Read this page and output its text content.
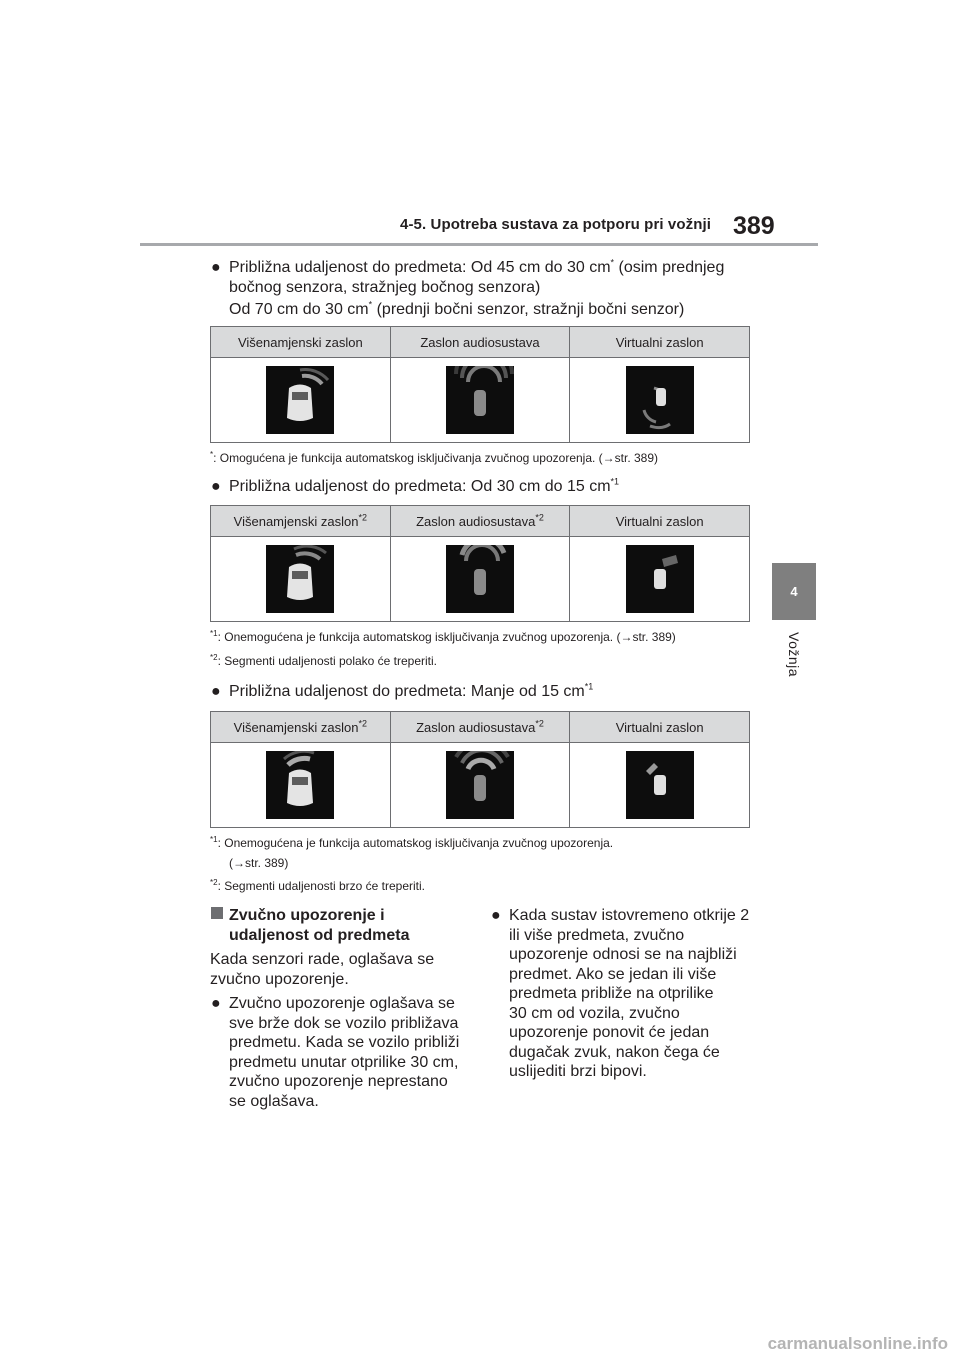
4-5. Upotreba sustava za potporu pri vožnji 389
4
Vožnja
● Približna udaljenost do predmeta: Od 45 cm do 30 cm* (osim prednjeg bočnog senzora, stražnjeg bočnog senzora)
Od 70 cm do 30 cm* (prednji bočni senzor, stražnji bočni senzor)
Višenamjenski zaslon	Zaslon audiosustava	Virtualni zaslon

*: Omogućena je funkcija automatskog isključivanja zvučnog upozorenja. (→str. 389)
● Približna udaljenost do predmeta: Od 30 cm do 15 $cm^{*1}$
Višenamjenski zaslon$^{*2}$	Zaslon audiosustava$^{*2}$	Virtualni zaslon

$^{*1}$: Onemogućena je funkcija automatskog isključivanja zvučnog upozorenja. (→str. 389)
$^{*2}$: Segmenti udaljenosti polako će treperiti.
● Približna udaljenost do predmeta: Manje od 15 $cm^{*1}$
Višenamjenski zaslon$^{*2}$	Zaslon audiosustava$^{*2}$	Virtualni zaslon

$^{*1}$: Onemogućena je funkcija automatskog isključivanja zvučnog upozorenja.
(→str. 389)
$^{*2}$: Segmenti udaljenosti brzo će treperiti.
Zvučno upozorenje i
udaljenost od predmeta
Kada senzori rade, oglašava se
zvučno upozorenje.
● Zvučno upozorenje oglašava se
sve brže dok se vozilo približava
predmetu. Kada se vozilo približi
predmetu unutar otprilike 30 cm,
zvučno upozorenje neprestano
se oglašava.
● Kada sustav istovremeno otkrije 2
ili više predmeta, zvučno
upozorenje odnosi se na najbliži
predmet. Ako se jedan ili više
predmeta približe na otprilike
30 cm od vozila, zvučno
upozorenje ponovit će jedan
dugačak zvuk, nakon čega će
uslijediti brzi bipovi.
carmanualsonline.info
